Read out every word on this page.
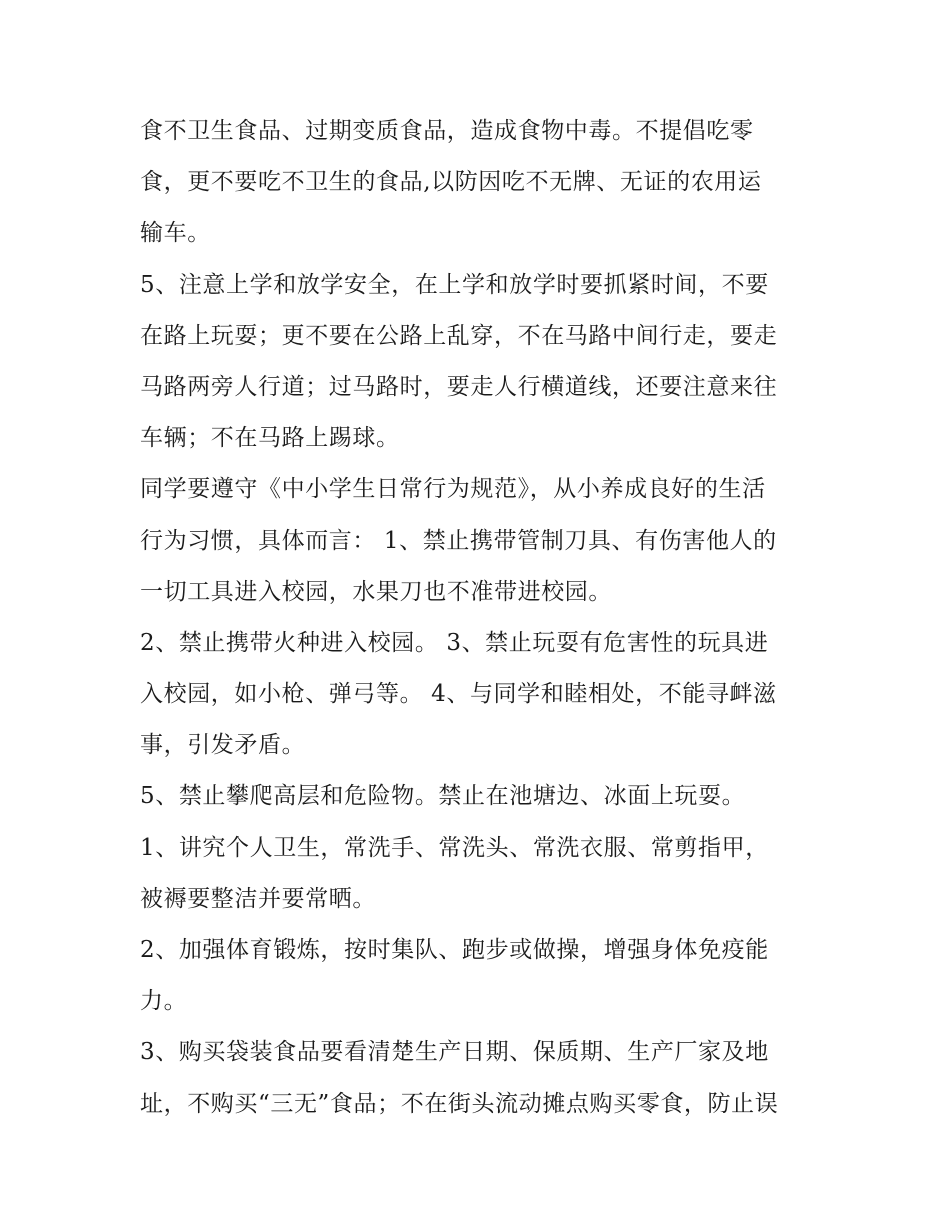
食不卫生食品、过期变质食品，造成食物中毒。不提倡吃零
食，更不要吃不卫生的食品,以防因吃不无牌、无证的农用运
输车。
5、注意上学和放学安全，在上学和放学时要抓紧时间，不要
在路上玩耍；更不要在公路上乱穿，不在马路中间行走，要走
马路两旁人行道；过马路时，要走人行横道线，还要注意来往
车辆；不在马路上踢球。
同学要遵守《中小学生日常行为规范》，从小养成良好的生活
行为习惯，具体而言： 1、禁止携带管制刀具、有伤害他人的
一切工具进入校园，水果刀也不准带进校园。
2、禁止携带火种进入校园。 3、禁止玩耍有危害性的玩具进
入校园，如小枪、弹弓等。 4、与同学和睦相处，不能寻衅滋
事，引发矛盾。
5、禁止攀爬高层和危险物。禁止在池塘边、冰面上玩耍。
1、讲究个人卫生，常洗手、常洗头、常洗衣服、常剪指甲，
被褥要整洁并要常晒。
2、加强体育锻炼，按时集队、跑步或做操，增强身体免疫能
力。
3、购买袋装食品要看清楚生产日期、保质期、生产厂家及地
址，不购买“三无”食品；不在街头流动摊点购买零食，防止误
